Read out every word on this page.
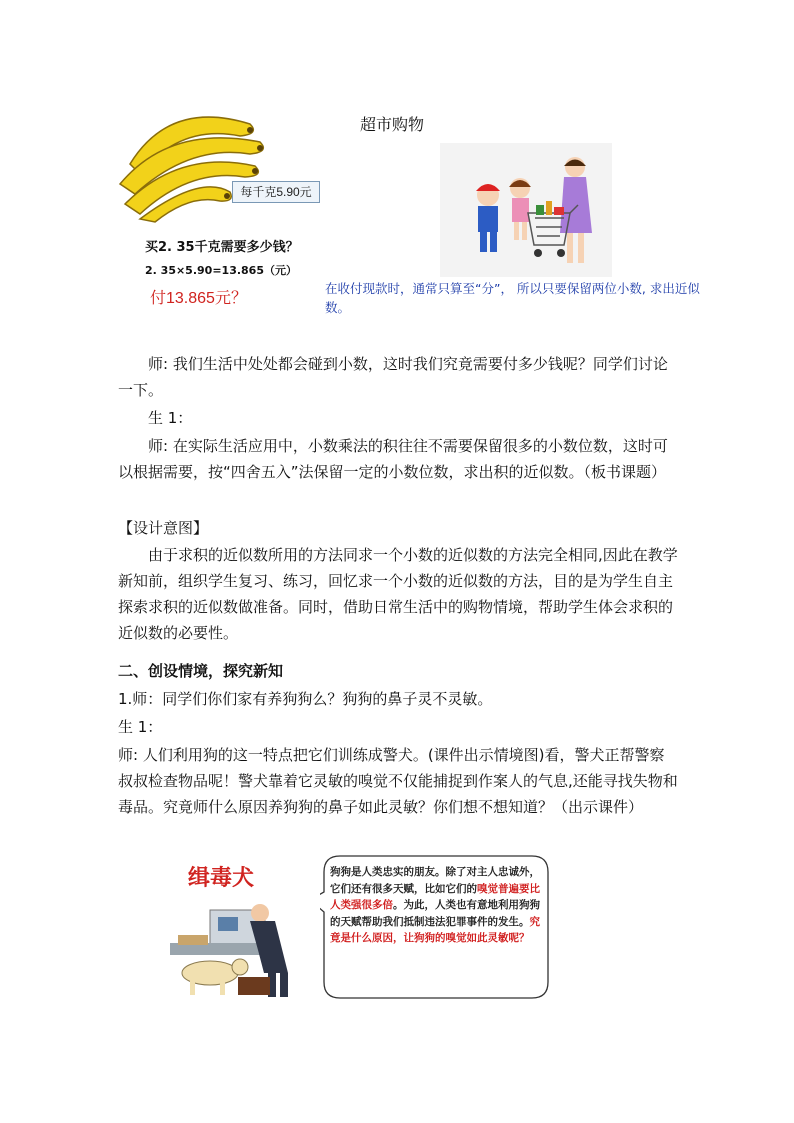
超市购物
每千克5.90元
买2. 35千克需要多少钱？
2. 35×5.90=13.865（元）
付13.865元？
在收付现款时，通常只算至“分”， 所以只要保留两位小数, 求出近似数。
师: 我们生活中处处都会碰到小数，这时我们究竟需要付多少钱呢？同学们讨论一下。
生 1：
师: 在实际生活应用中，小数乘法的积往往不需要保留很多的小数位数，这时可以根据需要，按“四舍五入”法保留一定的小数位数，求出积的近似数。（板书课题）
【设计意图】
由于求积的近似数所用的方法同求一个小数的近似数的方法完全相同,因此在教学新知前，组织学生复习、练习，回忆求一个小数的近似数的方法，目的是为学生自主探索求积的近似数做准备。同时，借助日常生活中的购物情境，帮助学生体会求积的近似数的必要性。
二、创设情境，探究新知
1.师：同学们你们家有养狗狗么？狗狗的鼻子灵不灵敏。
生 1：
师: 人们利用狗的这一特点把它们训练成警犬。(课件出示情境图)看，警犬正帮警察叔叔检查物品呢！警犬靠着它灵敏的嗅觉不仅能捕捉到作案人的气息,还能寻找失物和毒品。究竟师什么原因养狗狗的鼻子如此灵敏？你们想不想知道？（出示课件）
缉毒犬	狗狗是人类忠实的朋友。除了对主人忠诚外，它们还有很多天赋，比如它们的嗅觉普遍要比人类强很多倍。为此，人类也有意地利用狗狗的天赋帮助我们抵制违法犯罪事件的发生。究竟是什么原因，让狗狗的嗅觉如此灵敏呢？
